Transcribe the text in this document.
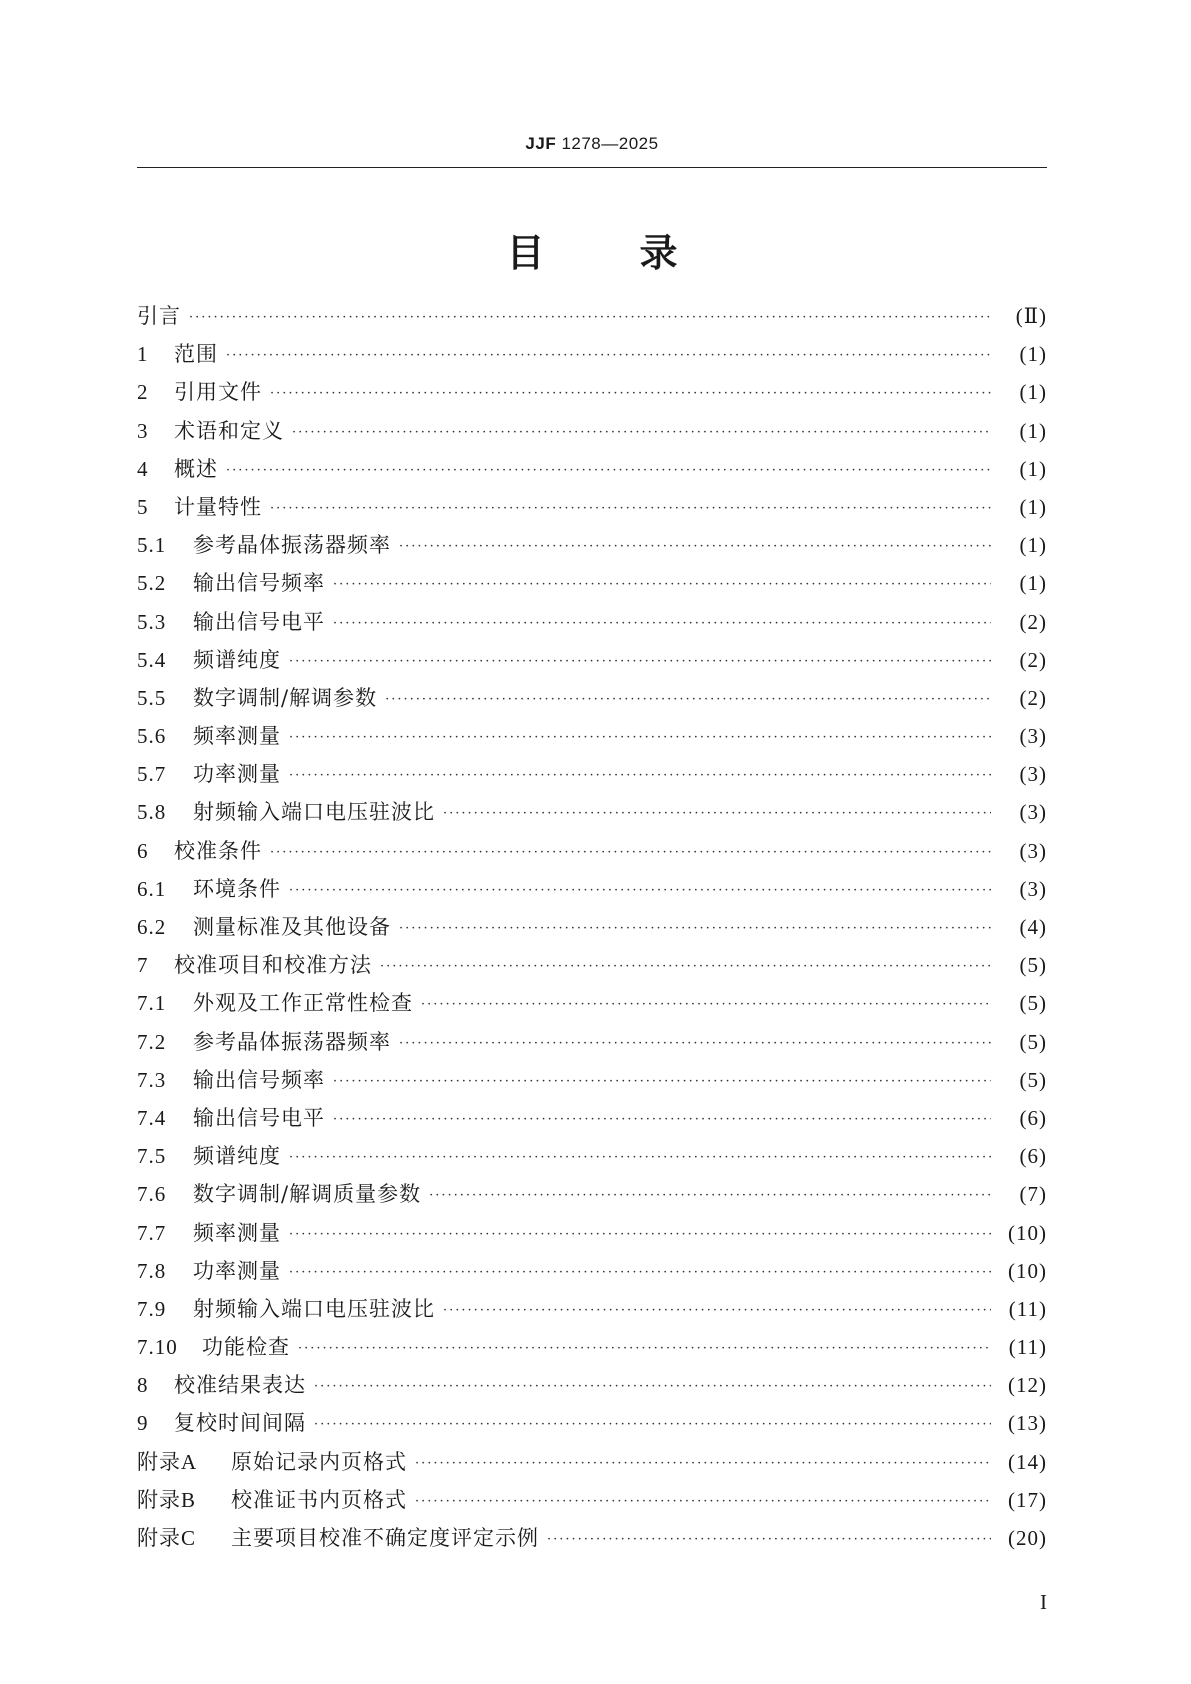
JJF 1278—2025
目	录
引言 ·····	(Ⅱ)
1	范围 ·····	(1)
2	引用文件 ·····	(1)
3	术语和定义 ·····	(1)
4	概述 ·····	(1)
5	计量特性 ·····	(1)
5.1	参考晶体振荡器频率 ·····	(1)
5.2	输出信号频率 ·····	(1)
5.3	输出信号电平 ·····	(2)
5.4	频谱纯度 ·····	(2)
5.5	数字调制/解调参数 ·····	(2)
5.6	频率测量 ·····	(3)
5.7	功率测量 ·····	(3)
5.8	射频输入端口电压驻波比 ·····	(3)
6	校准条件 ·····	(3)
6.1	环境条件 ·····	(3)
6.2	测量标准及其他设备 ·····	(4)
7	校准项目和校准方法 ·····	(5)
7.1	外观及工作正常性检查 ·····	(5)
7.2	参考晶体振荡器频率 ·····	(5)
7.3	输出信号频率 ·····	(5)
7.4	输出信号电平 ·····	(6)
7.5	频谱纯度 ·····	(6)
7.6	数字调制/解调质量参数 ·····	(7)
7.7	频率测量 ·····	(10)
7.8	功率测量 ·····	(10)
7.9	射频输入端口电压驻波比 ·····	(11)
7.10	功能检查 ·····	(11)
8	校准结果表达 ·····	(12)
9	复校时间间隔 ·····	(13)
附录A	原始记录内页格式 ·····	(14)
附录B	校准证书内页格式 ·····	(17)
附录C	主要项目校准不确定度评定示例 ·····	(20)
I
